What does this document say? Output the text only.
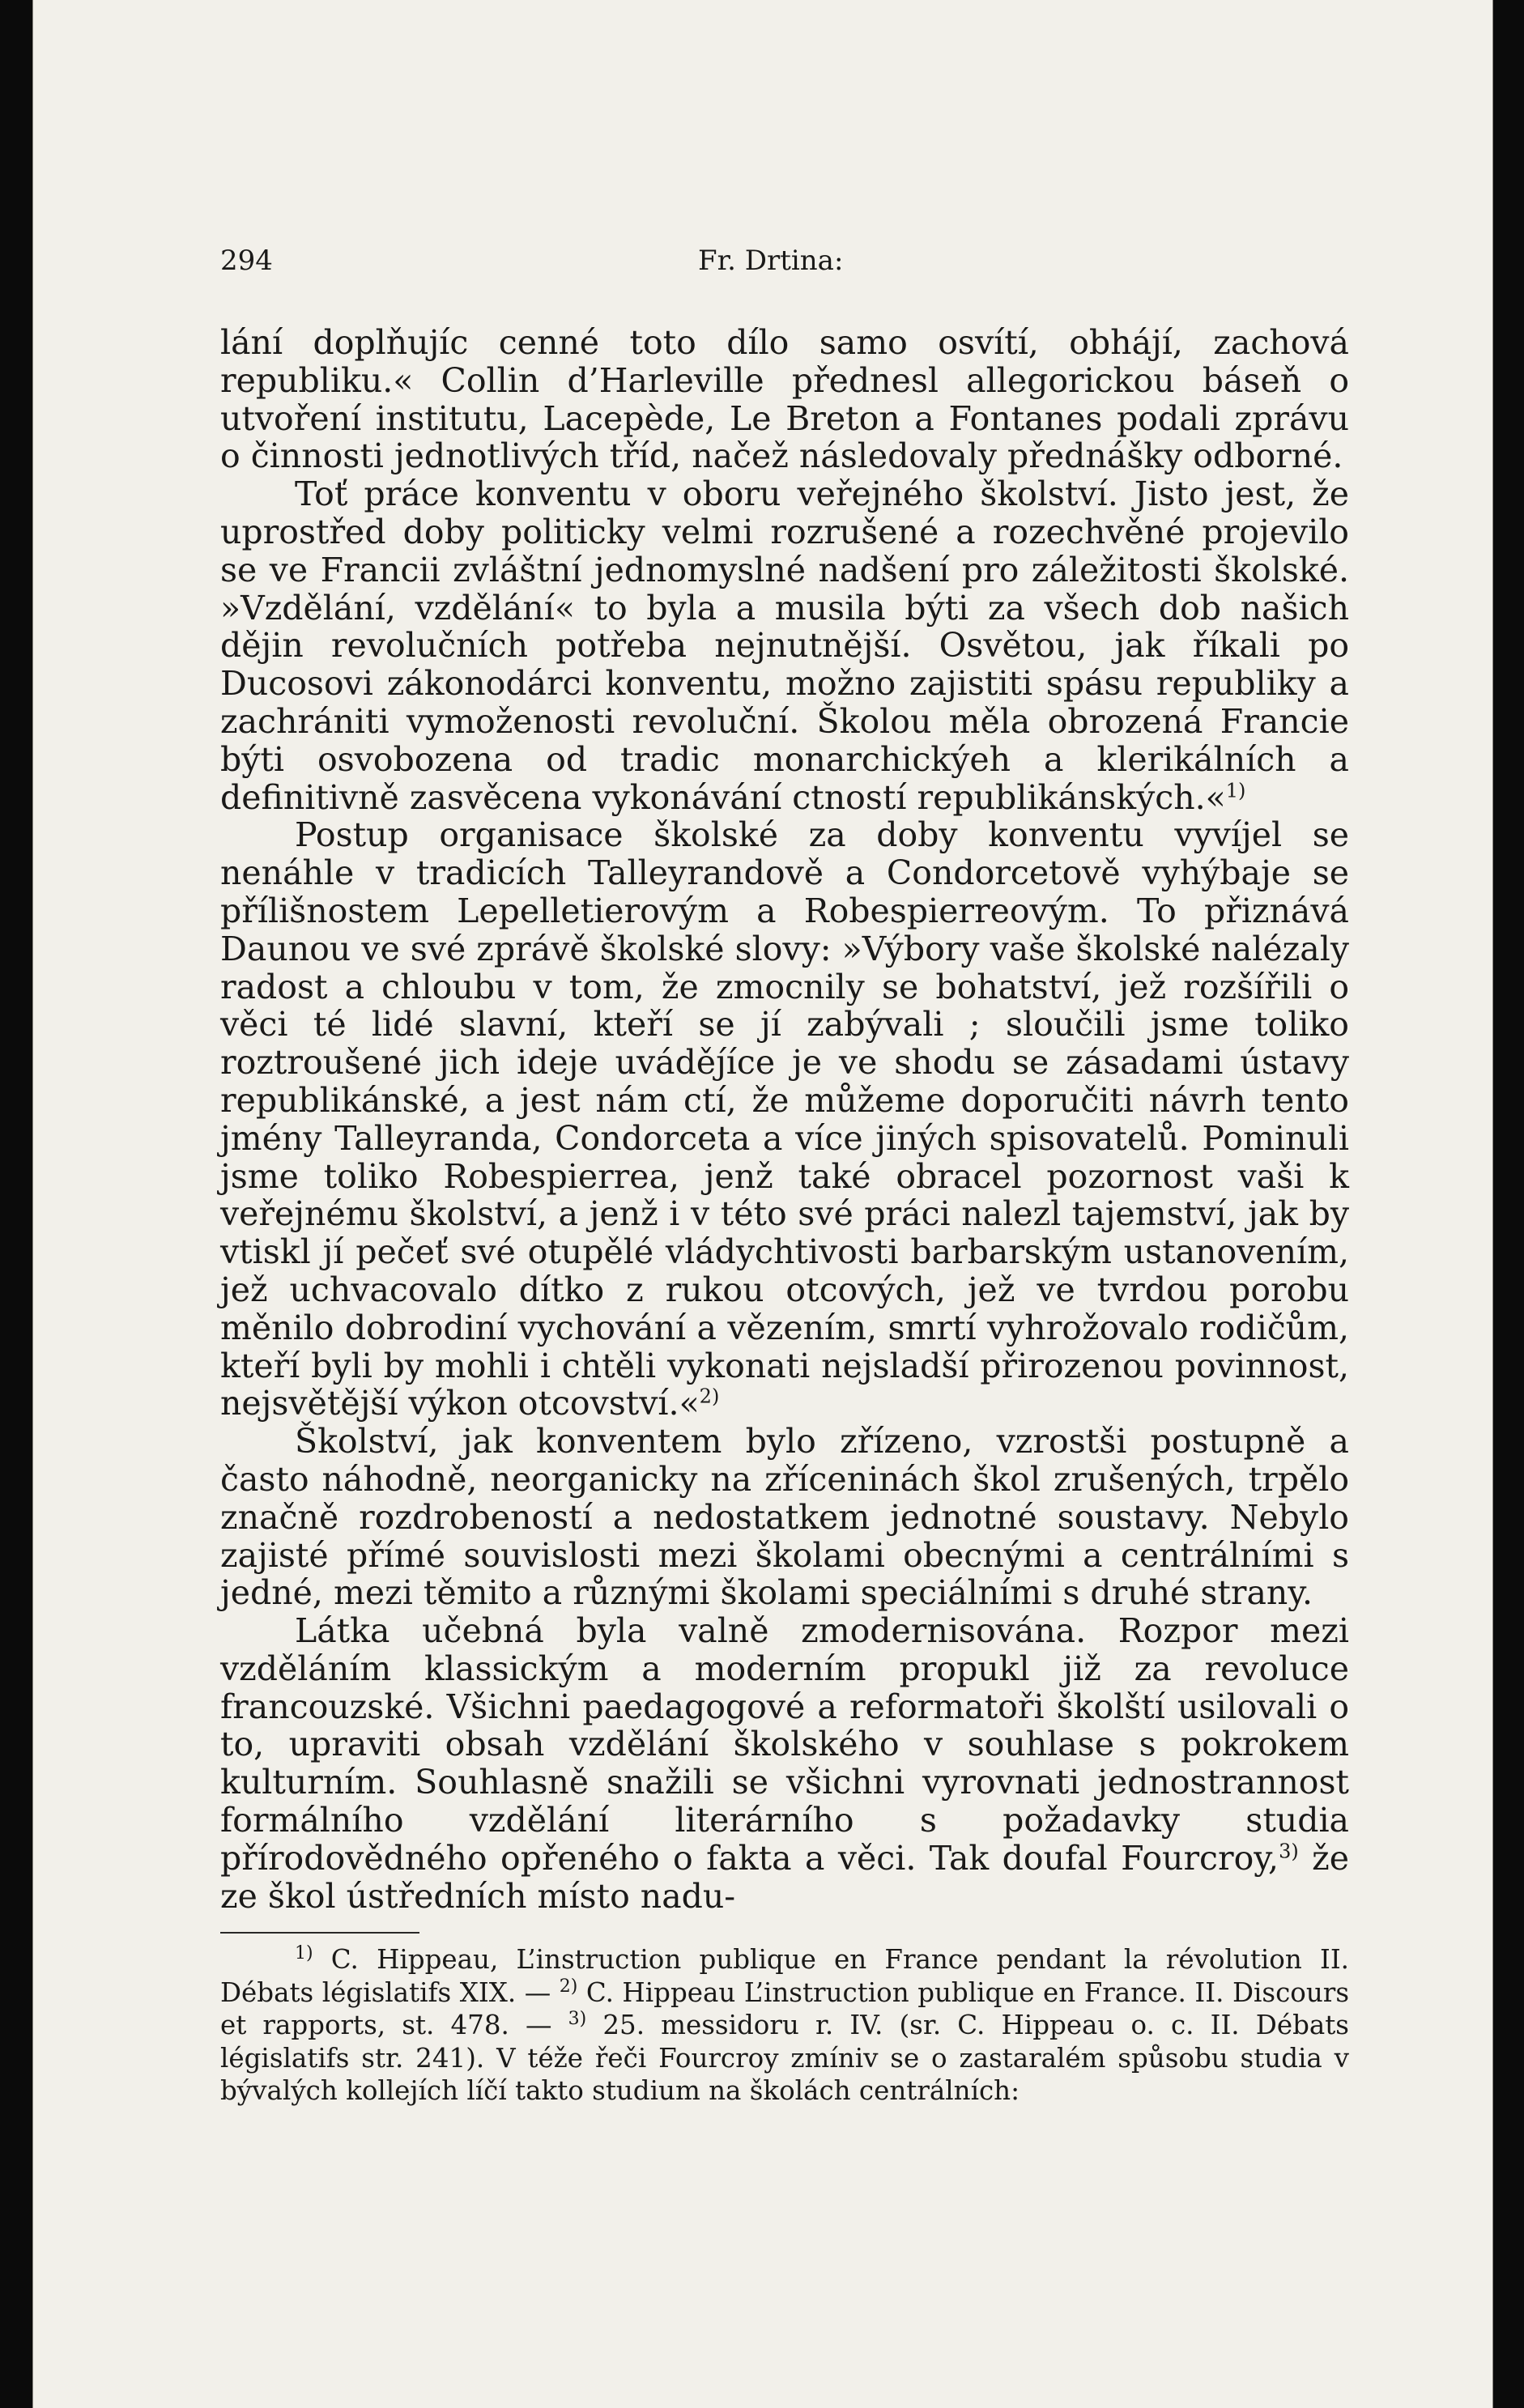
294	Fr. Drtina:

lání doplňujíc cenné toto dílo samo osvítí, obhájí, zachová republiku.« Collin d’Harleville přednesl allegorickou báseň o utvoření institutu, Lacepède, Le Breton a Fontanes podali zprávu o činnosti jednotlivých tříd, načež následovaly přednášky odborné.

Toť práce konventu v oboru veřejného školství. Jisto jest, že uprostřed doby politicky velmi rozrušené a rozechvěné projevilo se ve Francii zvláštní jednomyslné nadšení pro záležitosti školské. »Vzdělání, vzdělání« to byla a musila býti za všech dob našich dějin revolučních potřeba nejnutnější. Osvětou, jak říkali po Ducosovi zákonodárci konventu, možno zajistiti spásu republiky a zachrániti vymoženosti revoluční. Školou měla obrozená Francie býti osvobozena od tradic monarchickýeh a klerikálních a definitivně zasvěcena vykonávání ctností republikánských.«$^{1)}$

Postup organisace školské za doby konventu vyvíjel se nenáhle v tradicích Talleyrandově a Condorcetově vyhýbaje se přílišnostem Lepelletierovým a Robespierreovým. To přiznává Daunou ve své zprávě školské slovy: »Výbory vaše školské nalézaly radost a chloubu v tom, že zmocnily se bohatství, jež rozšířili o věci té lidé slavní, kteří se jí zabývali ; sloučili jsme toliko roztroušené jich ideje uváděj́íce je ve shodu se zásadami ústavy republikánské, a jest nám ctí, že můžeme doporučiti návrh tento jmény Talleyranda, Condorceta a více jiných spisovatelů. Pominuli jsme toliko Robespierrea, jenž také obracel pozornost vaši k veřejnému školství, a jenž i v této své práci nalezl tajemství, jak by vtiskl jí pečeť své otupělé vládychtivosti barbarským ustanovením, jež uchvacovalo dítko z rukou otcových, jež ve tvrdou porobu měnilo dobrodiní vychování a vězením, smrtí vyhrožovalo rodičům, kteří byli by mohli i chtěli vykonati nejsladší přirozenou povinnost, nejsvětější výkon otcovství.«$^{2)}$

Školství, jak konventem bylo zřízeno, vzrostši postupně a často náhodně, neorganicky na zříceninách škol zrušených, trpělo značně rozdrobeností a nedostatkem jednotné soustavy. Nebylo zajisté přímé souvislosti mezi školami obecnými a centrálními s jedné, mezi těmito a různými školami speciálními s druhé strany.

Látka učebná byla valně zmodernisována. Rozpor mezi vzděláním klassickým a moderním propukl již za revoluce francouzské. Všichni paedagogové a reformatoři školští usilovali o to, upraviti obsah vzdělání školského v souhlase s pokrokem kulturním. Souhlasně snažili se všichni vyrovnati jednostrannost formálního vzdělání literárního s požadavky studia přírodovědného opřeného o fakta a věci. Tak doufal Fourcroy,$^{3)}$ že ze škol ústředních místo nadu-

$^{1)}$ C. Hippeau, L’instruction publique en France pendant la révolution II. Débats législatifs XIX. — $^{2)}$ C. Hippeau L’instruction publique en France. II. Discours et rapports, st. 478. — $^{3)}$ 25. messidoru r. IV. (sr. C. Hippeau o. c. II. Débats législatifs str. 241). V téže řeči Fourcroy zmíniv se o zastaralém spůsobu studia v bývalých kollejích líčí takto studium na školách centrálních:
